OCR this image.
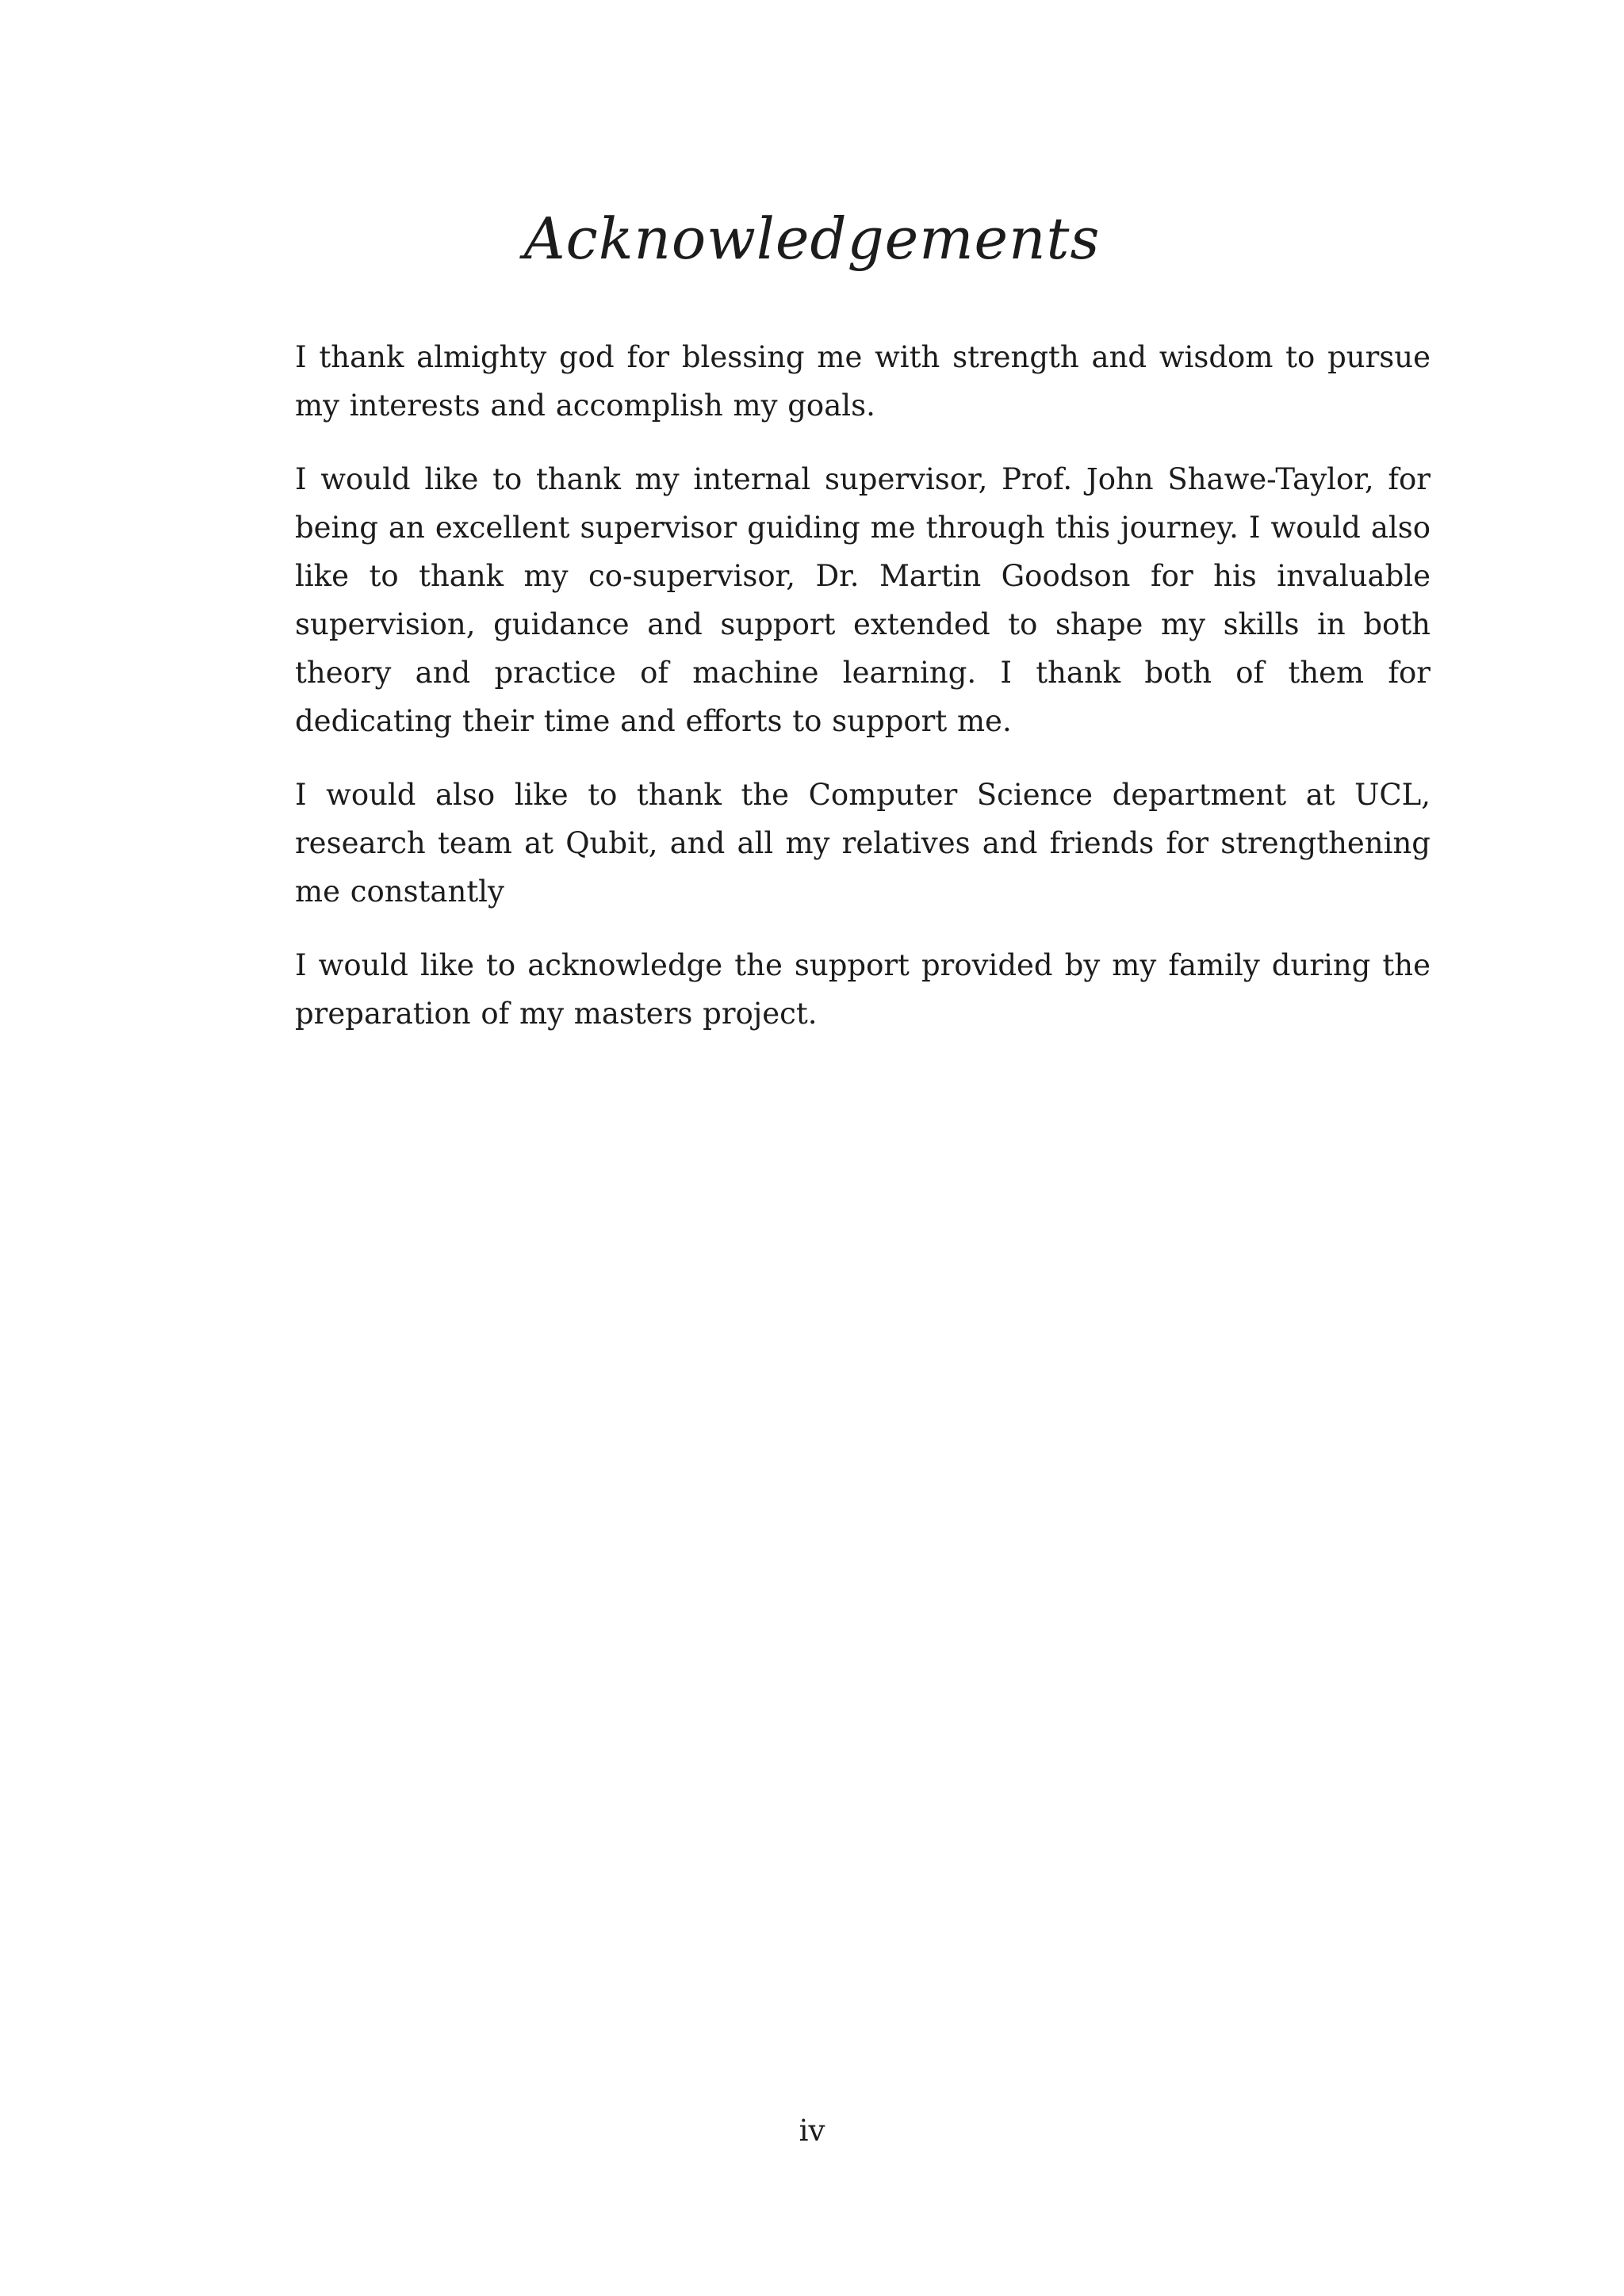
Acknowledgements

I thank almighty god for blessing me with strength and wisdom to pursue my interests and accomplish my goals.

I would like to thank my internal supervisor, Prof. John Shawe-Taylor, for being an excellent supervisor guiding me through this journey. I would also like to thank my co-supervisor, Dr. Martin Goodson for his invaluable supervision, guidance and support extended to shape my skills in both theory and practice of machine learning. I thank both of them for dedicating their time and efforts to support me.

I would also like to thank the Computer Science department at UCL, research team at Qubit, and all my relatives and friends for strengthening me constantly

I would like to acknowledge the support provided by my family during the preparation of my masters project.

iv
